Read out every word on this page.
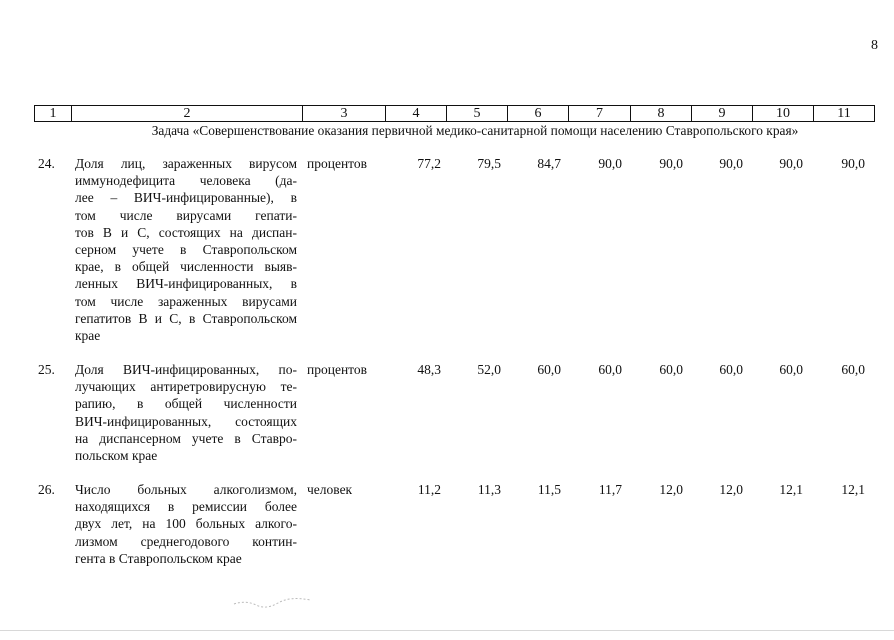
8
1	2	3	4	5	6	7	8	9	10	11
Задача «Совершенствование оказания первичной медико-санитарной помощи населению Ставропольского края»
24.	Доля лиц, зараженных вирусом
иммунодефицита человека (да-
лее – ВИЧ-инфицированные), в
том числе вирусами гепати-
тов В и С, состоящих на диспан-
серном учете в Ставропольском
крае, в общей численности выяв-
ленных ВИЧ-инфицированных, в
том числе зараженных вирусами
гепатитов В и С, в Ставропольском
крае
процентов	77,2	79,5	84,7	90,0	90,0	90,0	90,0	90,0
25.	Доля ВИЧ-инфицированных, по-
лучающих антиретровирусную те-
рапию, в общей численности
ВИЧ-инфицированных, состоящих
на диспансерном учете в Ставро-
польском крае
процентов	48,3	52,0	60,0	60,0	60,0	60,0	60,0	60,0
26.	Число больных алкоголизмом,
находящихся в ремиссии более
двух лет, на 100 больных алкого-
лизмом среднегодового контин-
гента в Ставропольском крае
человек	11,2	11,3	11,5	11,7	12,0	12,0	12,1	12,1
